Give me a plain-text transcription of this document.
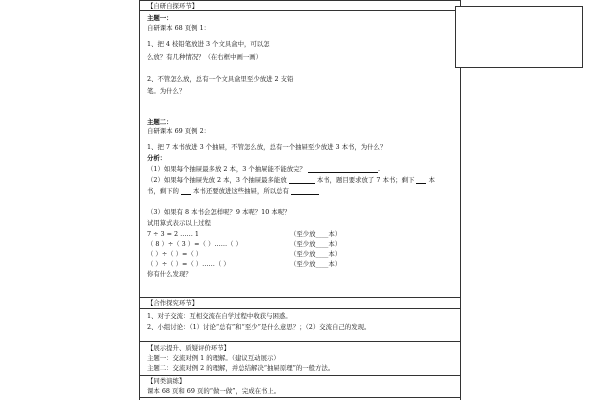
【自研自探环节】
主题一：
自研课本 68 页例 1：
1、把 4 枝铅笔放进 3 个文具盒中，可以怎
么放？有几种情况？（在右框中画一画）
2、不管怎么放，总有一个文具盒里至少放进 2 支铅
笔。为什么？
主题二：
自研课本 69 页例 2：
1、把 7 本书放进 3 个抽屉，不管怎么放，总有一个抽屉至少放进 3 本书，为什么？
分析：
（1）如果每个抽屉最多放 2 本，3 个抽屉能不能放完？	.
（2）如果每个抽屉先放 2 本，3 个抽屉最多能放	本书，题目要求放了 7 本书；剩下 本
书，剩下的 本书还要放进这些抽屉，所以总有
（3）如果有 8 本书会怎样呢？9 本呢？10 本呢？
试用算式表示以上过程
7 ÷ 3 = 2 …… 1	（至少放____本）
（ 8 ）÷（ 3 ）=（ ）……（ ）	（至少放____本）
（ ）÷（ ）=（ ）	（至少放____本）
（ ）÷（ ）=（ ）……（ ）	（至少放____本）
你有什么发现？
【合作探究环节】
1、对子交流：互相交流在自学过程中收获与困惑。
2、小组讨论：（1）讨论“总有”和“至少”是什么意思？；（2）交流自己的发现。
【展示提升、质疑评价环节】
主题一：交流对例 1 的理解。（建议互动展示）
主题二：交流对例 2 的理解，并总结解决“抽屉原理”的一般方法。
【同类演练】
课本 68 页和 69 页的“做一做”，完成在书上。
